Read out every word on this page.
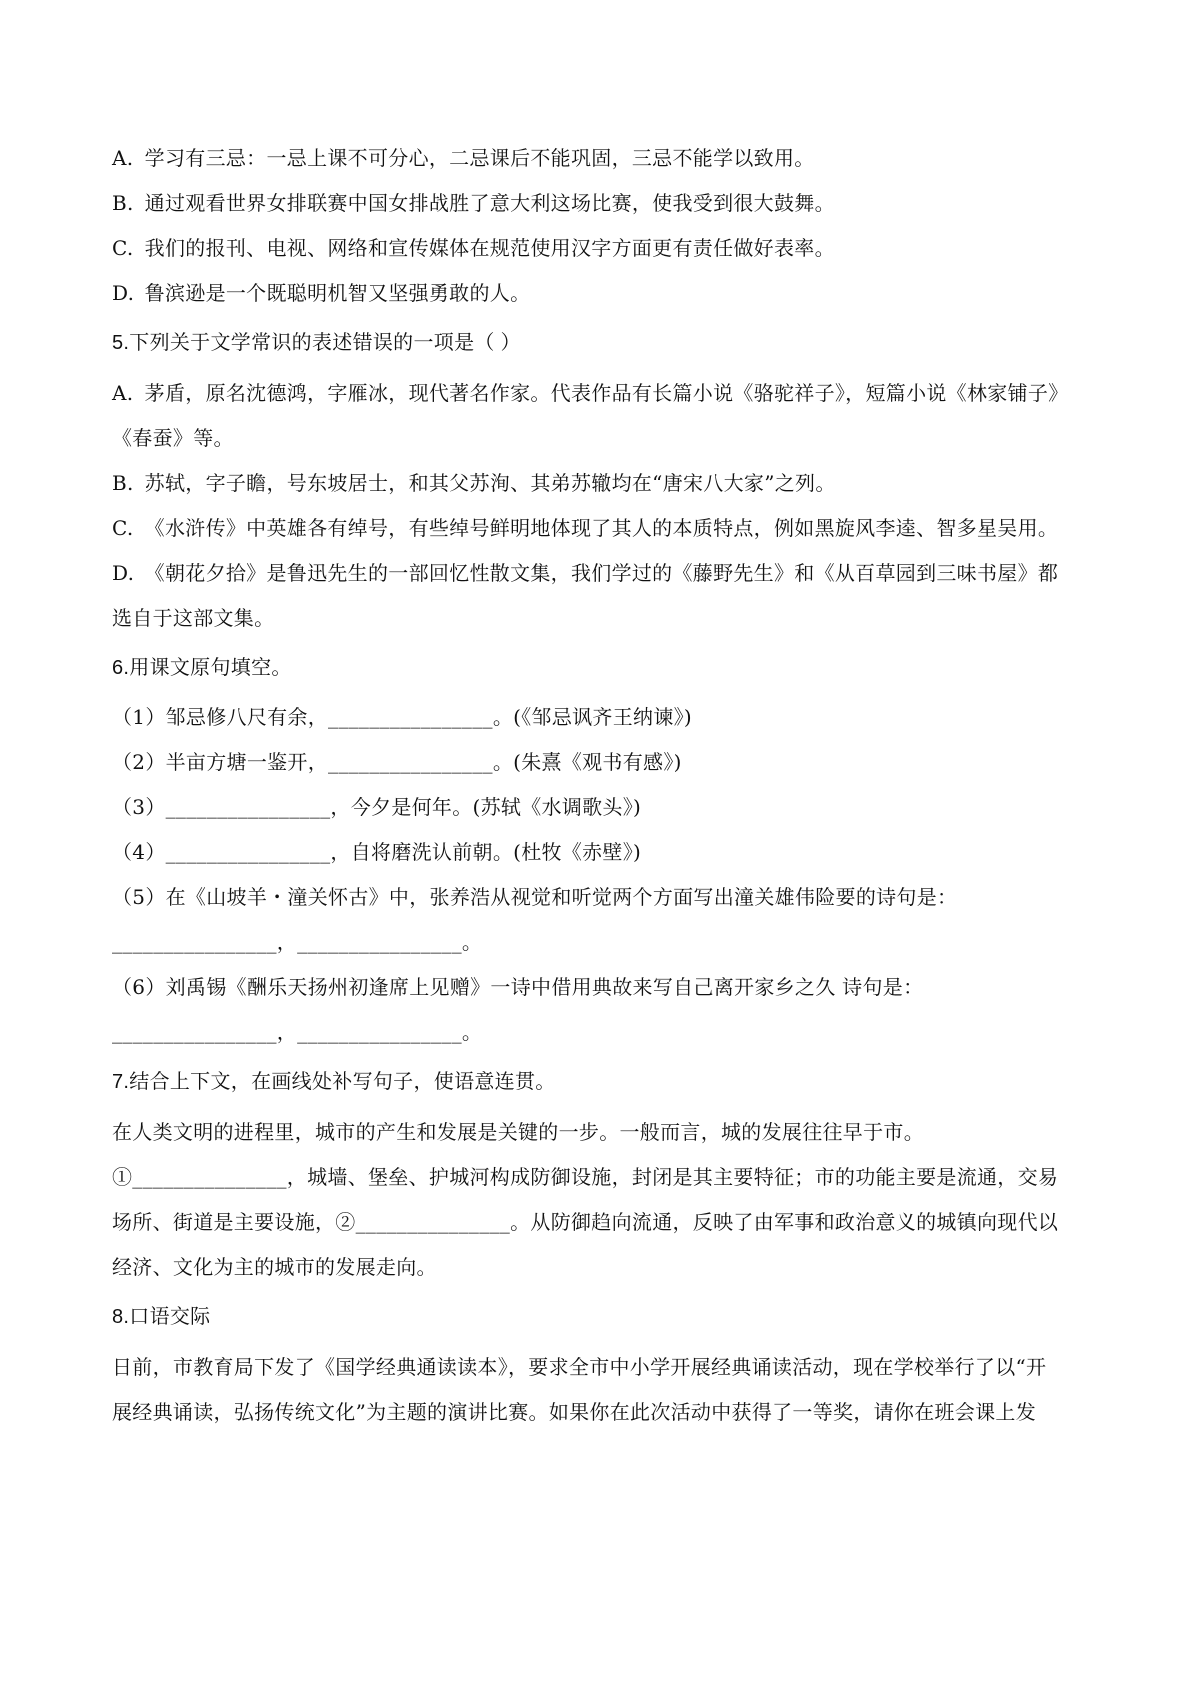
A. 学习有三忌：一忌上课不可分心，二忌课后不能巩固，三忌不能学以致用。
B. 通过观看世界女排联赛中国女排战胜了意大利这场比赛，使我受到很大鼓舞。
C. 我们的报刊、电视、网络和宣传媒体在规范使用汉字方面更有责任做好表率。
D. 鲁滨逊是一个既聪明机智又坚强勇敢的人。
5.下列关于文学常识的表述错误的一项是（ ）
A. 茅盾，原名沈德鸿，字雁冰，现代著名作家。代表作品有长篇小说《骆驼祥子》，短篇小说《林家铺子》
《春蚕》等。
B. 苏轼，字子瞻，号东坡居士，和其父苏洵、其弟苏辙均在“唐宋八大家”之列。
C. 《水浒传》中英雄各有绰号，有些绰号鲜明地体现了其人的本质特点，例如黑旋风李逵、智多星吴用。
D. 《朝花夕拾》是鲁迅先生的一部回忆性散文集，我们学过的《藤野先生》和《从百草园到三味书屋》都
选自于这部文集。
6.用课文原句填空。
（1）邹忌修八尺有余，________________。(《邹忌讽齐王纳谏》)
（2）半亩方塘一鉴开，________________。(朱熹《观书有感》)
（3）________________，今夕是何年。(苏轼《水调歌头》)
（4）________________，自将磨洗认前朝。(杜牧《赤壁》)
（5）在《山坡羊・潼关怀古》中，张养浩从视觉和听觉两个方面写出潼关雄伟险要的诗句是：
________________，________________。
（6）刘禹锡《酬乐天扬州初逢席上见赠》一诗中借用典故来写自己离开家乡之久 诗句是：
________________，________________。
7.结合上下文，在画线处补写句子，使语意连贯。
在人类文明的进程里，城市的产生和发展是关键的一步。一般而言，城的发展往往早于市。
①_______________，城墙、堡垒、护城河构成防御设施，封闭是其主要特征；市的功能主要是流通，交易
场所、街道是主要设施，②_______________。从防御趋向流通，反映了由军事和政治意义的城镇向现代以
经济、文化为主的城市的发展走向。
8.口语交际
日前，市教育局下发了《国学经典通读读本》，要求全市中小学开展经典诵读活动，现在学校举行了以“开
展经典诵读，弘扬传统文化”为主题的演讲比赛。如果你在此次活动中获得了一等奖，请你在班会课上发
